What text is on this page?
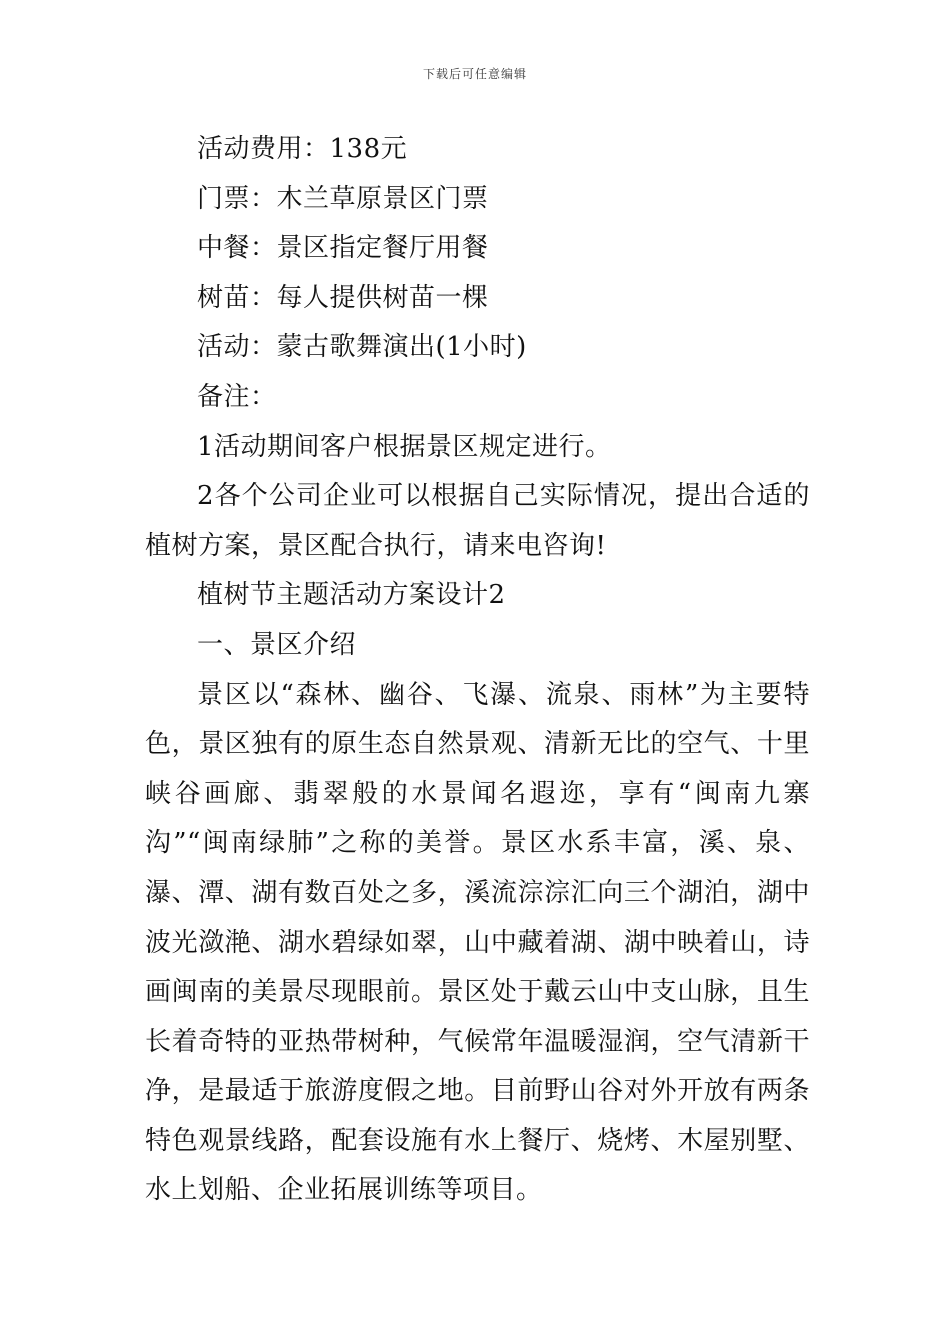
下载后可任意编辑

活动费用：138元

门票：木兰草原景区门票

中餐：景区指定餐厅用餐

树苗：每人提供树苗一棵

活动：蒙古歌舞演出(1小时)

备注：

1活动期间客户根据景区规定进行。

2各个公司企业可以根据自己实际情况，提出合适的植树方案，景区配合执行，请来电咨询!

植树节主题活动方案设计2

一、景区介绍

景区以“森林、幽谷、飞瀑、流泉、雨林”为主要特色，景区独有的原生态自然景观、清新无比的空气、十里峡谷画廊、翡翠般的水景闻名遐迩，享有“闽南九寨沟”“闽南绿肺”之称的美誉。景区水系丰富，溪、泉、瀑、潭、湖有数百处之多，溪流淙淙汇向三个湖泊，湖中波光潋滟、湖水碧绿如翠，山中藏着湖、湖中映着山，诗画闽南的美景尽现眼前。景区处于戴云山中支山脉，且生长着奇特的亚热带树种，气候常年温暖湿润，空气清新干净，是最适于旅游度假之地。目前野山谷对外开放有两条特色观景线路，配套设施有水上餐厅、烧烤、木屋别墅、水上划船、企业拓展训练等项目。
